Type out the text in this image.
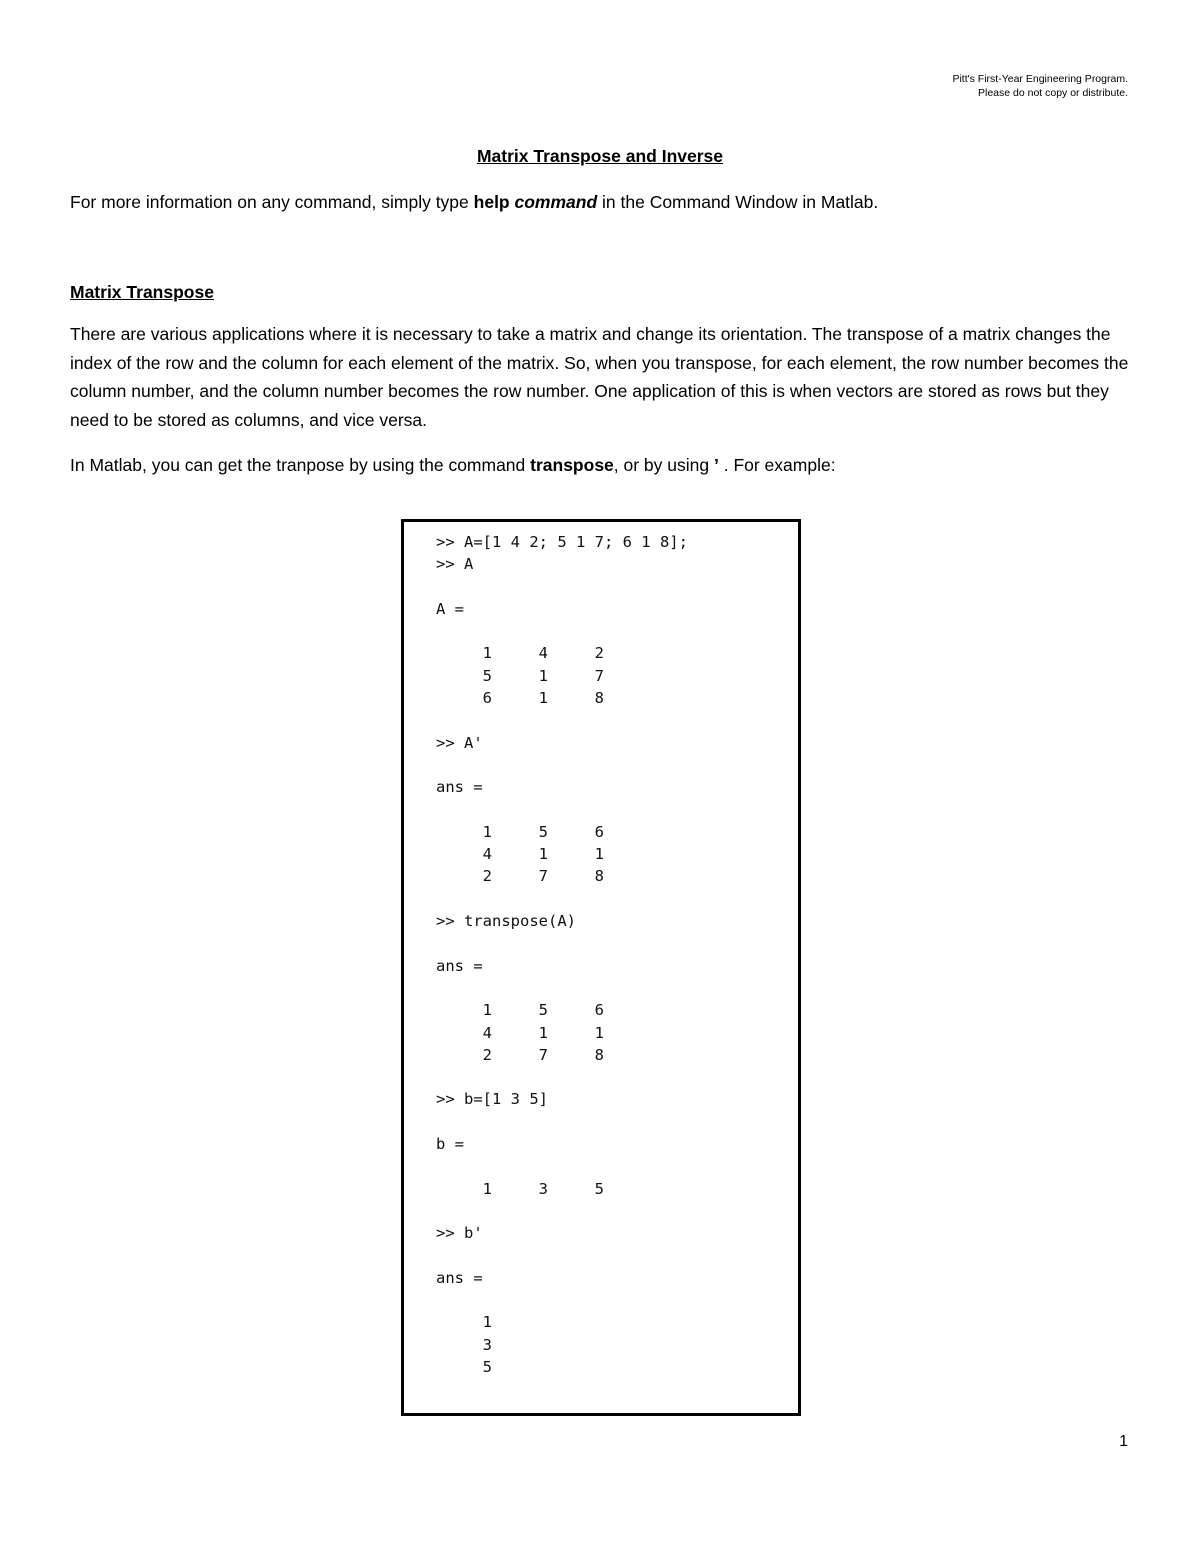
Pitt's First-Year Engineering Program.
Please do not copy or distribute.
Matrix Transpose and Inverse
For more information on any command, simply type help command in the Command Window in Matlab.
Matrix Transpose
There are various applications where it is necessary to take a matrix and change its orientation. The transpose of a matrix changes the index of the row and the column for each element of the matrix. So, when you transpose, for each element, the row number becomes the column number, and the column number becomes the row number. One application of this is when vectors are stored as rows but they need to be stored as columns, and vice versa.
In Matlab, you can get the tranpose by using the command transpose, or by using ’ . For example:
>> A=[1 4 2; 5 1 7; 6 1 8];
>> A

A =

1     4     2
5     1     7
6     1     8

>> A'

ans =

1     5     6
4     1     1
2     7     8

>> transpose(A)

ans =

1     5     6
4     1     1
2     7     8

>> b=[1 3 5]

b =

1     3     5

>> b'

ans =

1
3
5
1
